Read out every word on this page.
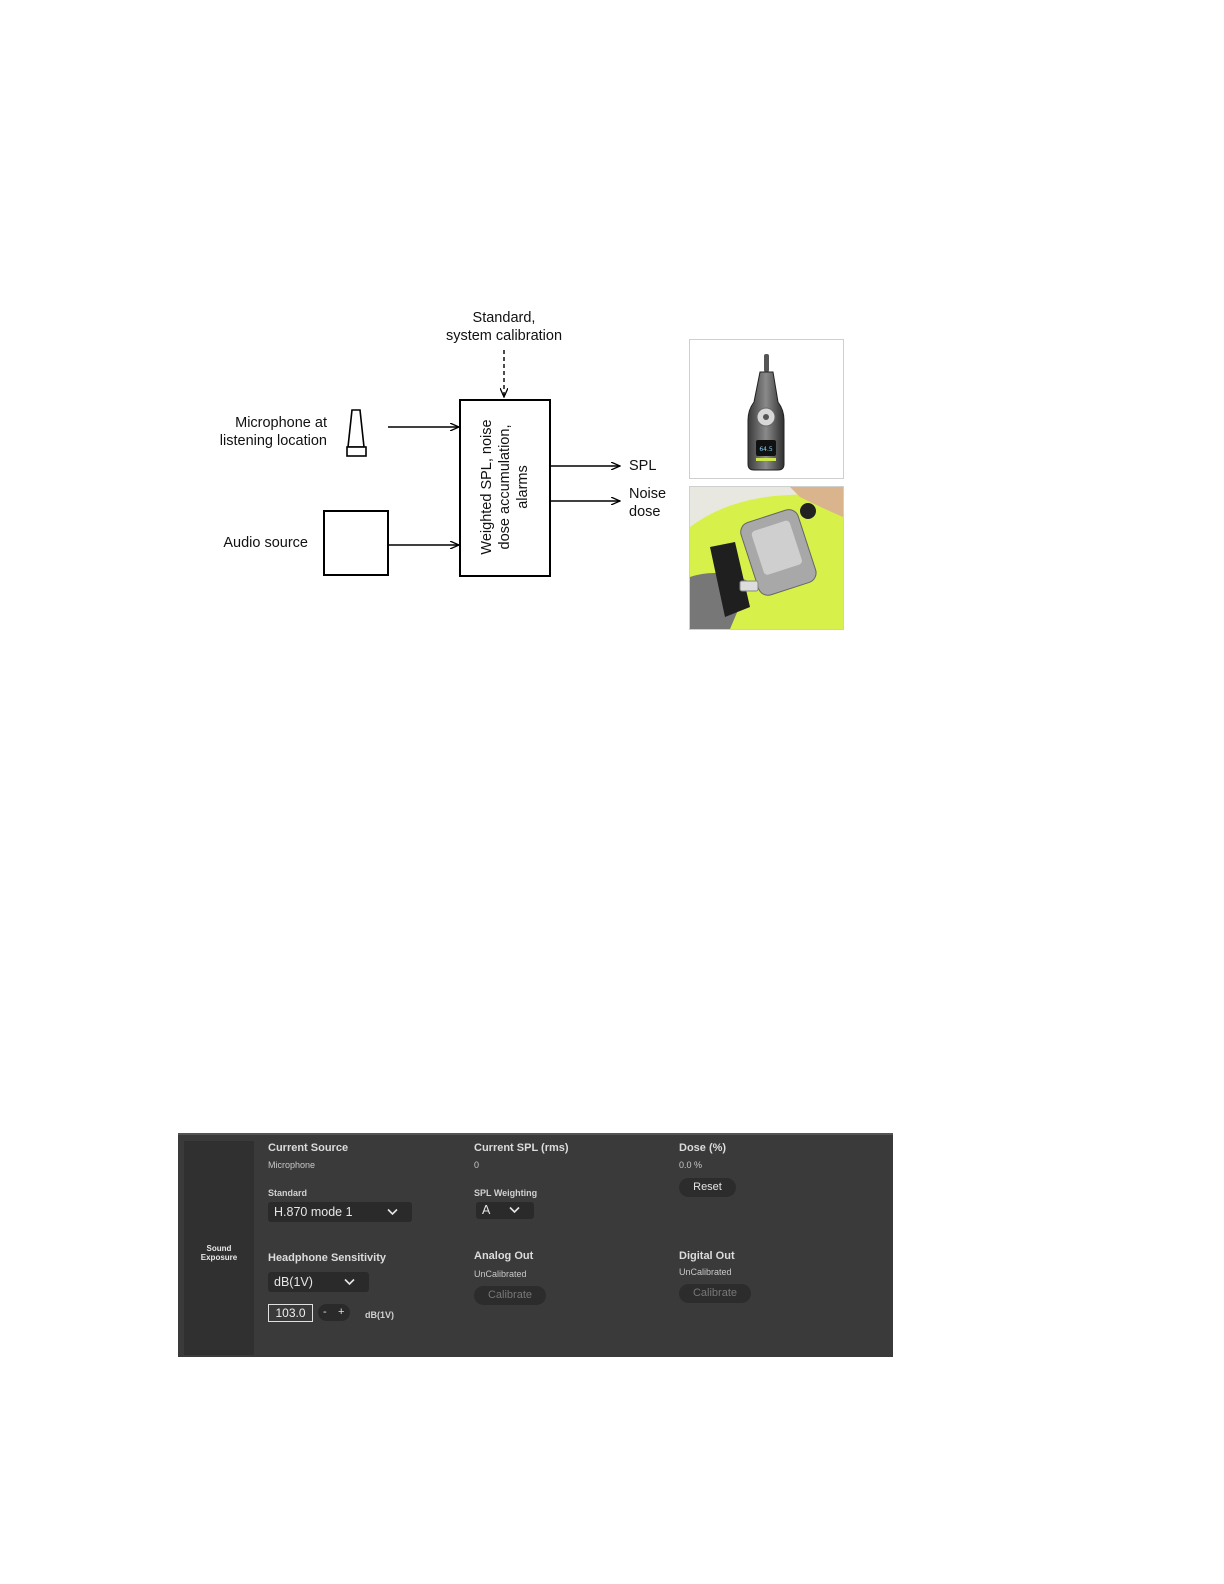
Standard,
system calibration
Microphone at
listening location
Audio source	Weighted SPL, noise dose accumulation, alarms	SPL
Noise
dose
64.5
Sound
Exposure
Current Source
Microphone
Standard
H.870 mode 1
Headphone Sensitivity
dB(1V)
103.0	- + dB(1V)
Current SPL (rms)
0
SPL Weighting
A
Analog Out
UnCalibrated
Calibrate
Dose (%)
0.0 %
Reset
Digital Out
UnCalibrated
Calibrate
